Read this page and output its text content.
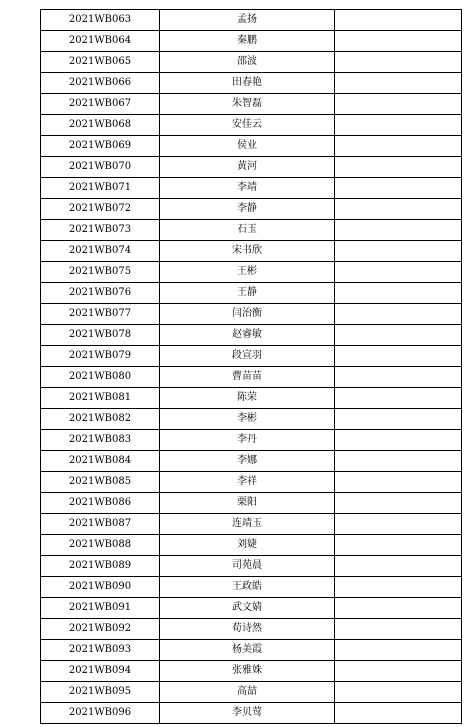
2021WB063	孟扬	
2021WB064	秦鹏	
2021WB065	邵波	
2021WB066	田春艳	
2021WB067	朱智磊	
2021WB068	安佳云	
2021WB069	侯业	
2021WB070	黄河	
2021WB071	李靖	
2021WB072	李静	
2021WB073	石玉	
2021WB074	宋书欣	
2021WB075	王彬	
2021WB076	王静	
2021WB077	闫治衡	
2021WB078	赵睿敏	
2021WB079	段宣羽	
2021WB080	曹苗苗	
2021WB081	陈荣	
2021WB082	李彬	
2021WB083	李丹	
2021WB084	李娜	
2021WB085	李祥	
2021WB086	栗阳	
2021WB087	连靖玉	
2021WB088	刘婕	
2021WB089	司苑晨	
2021WB090	王政皓	
2021WB091	武文婧	
2021WB092	荀诗然	
2021WB093	杨美霞	
2021WB094	张雅姝	
2021WB095	高喆	
2021WB096	李贝莺	
